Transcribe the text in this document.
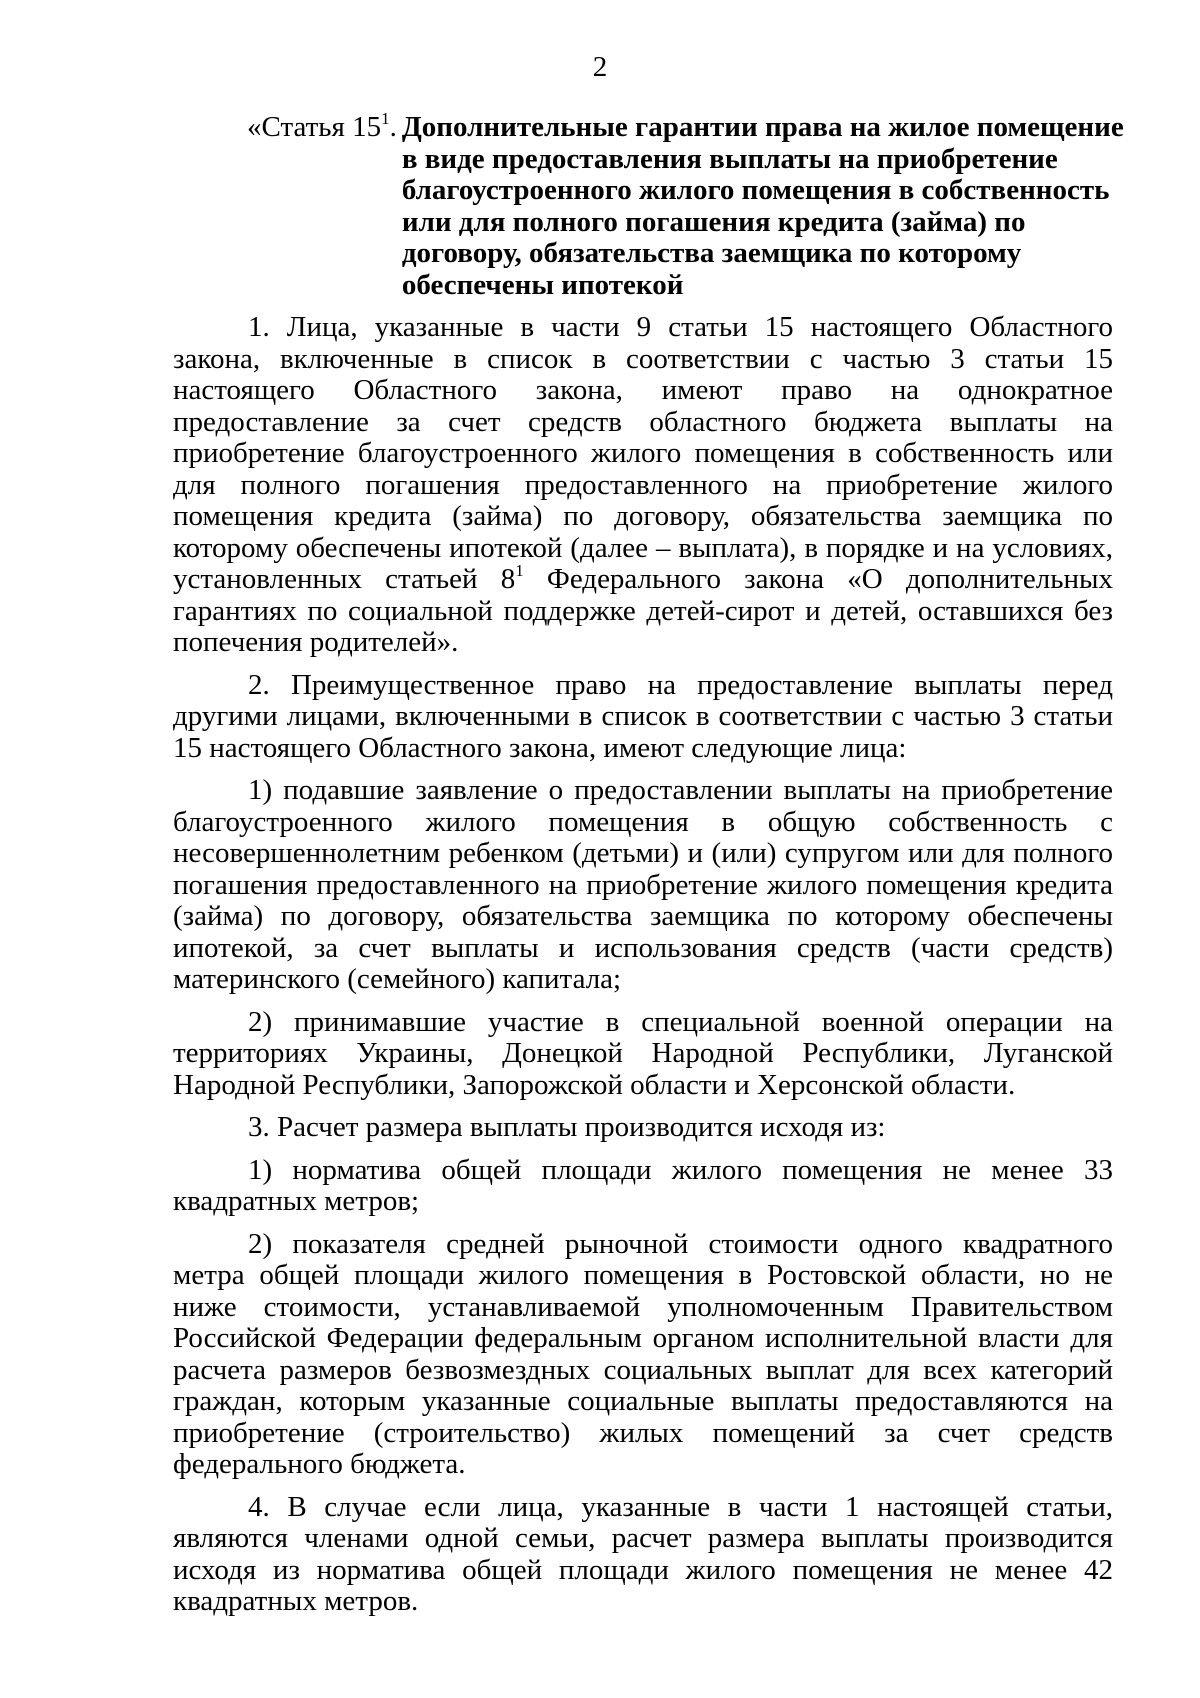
2
«Статья $15^1$. Дополнительные гарантии права на жилое помещение в виде предоставления выплаты на приобретение благоустроенного жилого помещения в собственность или для полного погашения кредита (займа) по договору, обязательства заемщика по которому обеспечены ипотекой

1. Лица, указанные в части 9 статьи 15 настоящего Областного закона, включенные в список в соответствии с частью 3 статьи 15 настоящего Областного закона, имеют право на однократное предоставление за счет средств областного бюджета выплаты на приобретение благоустроенного жилого помещения в собственность или для полного погашения предоставленного на приобретение жилого помещения кредита (займа) по договору, обязательства заемщика по которому обеспечены ипотекой (далее – выплата), в порядке и на условиях, установленных статьей $8^1$ Федерального закона «О дополнительных гарантиях по социальной поддержке детей-сирот и детей, оставшихся без попечения родителей».

2. Преимущественное право на предоставление выплаты перед другими лицами, включенными в список в соответствии с частью 3 статьи 15 настоящего Областного закона, имеют следующие лица:

1) подавшие заявление о предоставлении выплаты на приобретение благоустроенного жилого помещения в общую собственность с несовершеннолетним ребенком (детьми) и (или) супругом или для полного погашения предоставленного на приобретение жилого помещения кредита (займа) по договору, обязательства заемщика по которому обеспечены ипотекой, за счет выплаты и использования средств (части средств) материнского (семейного) капитала;

2) принимавшие участие в специальной военной операции на территориях Украины, Донецкой Народной Республики, Луганской Народной Республики, Запорожской области и Херсонской области.

3. Расчет размера выплаты производится исходя из:

1) норматива общей площади жилого помещения не менее 33 квадратных метров;

2) показателя средней рыночной стоимости одного квадратного метра общей площади жилого помещения в Ростовской области, но не ниже стоимости, устанавливаемой уполномоченным Правительством Российской Федерации федеральным органом исполнительной власти для расчета размеров безвозмездных социальных выплат для всех категорий граждан, которым указанные социальные выплаты предоставляются на приобретение (строительство) жилых помещений за счет средств федерального бюджета.

4. В случае если лица, указанные в части 1 настоящей статьи, являются членами одной семьи, расчет размера выплаты производится исходя из норматива общей площади жилого помещения не менее 42 квадратных метров.
